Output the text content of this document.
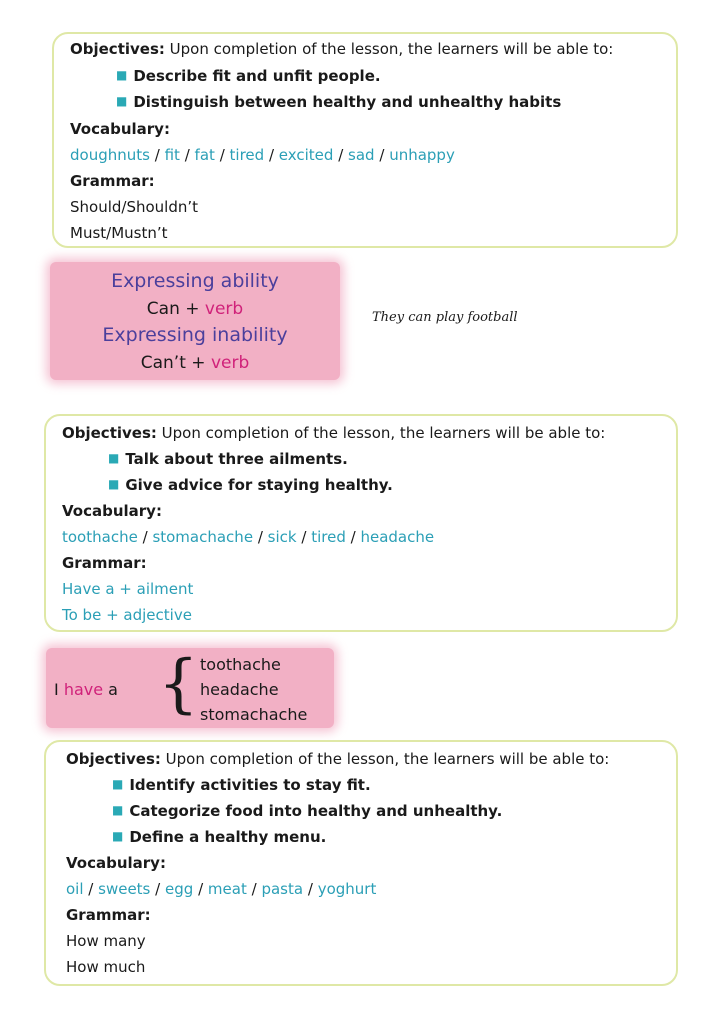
Objectives: Upon completion of the lesson, the learners will be able to:
■ Describe fit and unfit people.
■ Distinguish between healthy and unhealthy habits
Vocabulary:
doughnuts / fit / fat / tired / excited / sad / unhappy
Grammar:
Should/Shouldn’t
Must/Mustn’t
Expressing ability
Can + verb
Expressing inability
Can’t + verb
They can play football
Objectives: Upon completion of the lesson, the learners will be able to:
■ Talk about three ailments.
■ Give advice for staying healthy.
Vocabulary:
toothache / stomachache / sick / tired / headache
Grammar:
Have a + ailment
To be + adjective
I have a { toothache
headache
stomachache
Objectives: Upon completion of the lesson, the learners will be able to:
■ Identify activities to stay fit.
■ Categorize food into healthy and unhealthy.
■ Define a healthy menu.
Vocabulary:
oil / sweets / egg / meat / pasta / yoghurt
Grammar:
How many
How much
